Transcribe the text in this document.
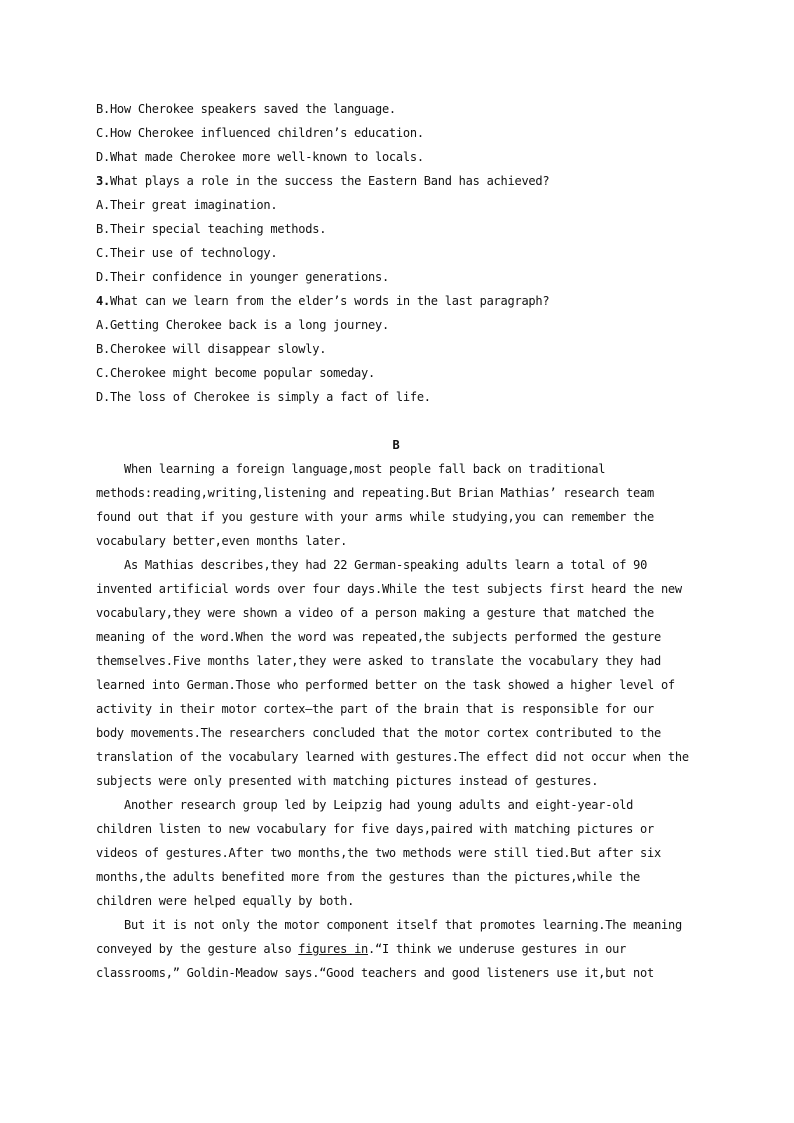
B.How Cherokee speakers saved the language.
C.How Cherokee influenced children’s education.
D.What made Cherokee more well-known to locals.
3.What plays a role in the success the Eastern Band has achieved?
A.Their great imagination.
B.Their special teaching methods.
C.Their use of technology.
D.Their confidence in younger generations.
4.What can we learn from the elder’s words in the last paragraph?
A.Getting Cherokee back is a long journey.
B.Cherokee will disappear slowly.
C.Cherokee might become popular someday.
D.The loss of Cherokee is simply a fact of life.
B
When learning a foreign language,most people fall back on traditional
methods:reading,writing,listening and repeating.But Brian Mathias’ research team
found out that if you gesture with your arms while studying,you can remember the
vocabulary better,even months later.
As Mathias describes,they had 22 German-speaking adults learn a total of 90
invented artificial words over four days.While the test subjects first heard the new
vocabulary,they were shown a video of a person making a gesture that matched the
meaning of the word.When the word was repeated,the subjects performed the gesture
themselves.Five months later,they were asked to translate the vocabulary they had
learned into German.Those who performed better on the task showed a higher level of
activity in their motor cortex—the part of the brain that is responsible for our
body movements.The researchers concluded that the motor cortex contributed to the
translation of the vocabulary learned with gestures.The effect did not occur when the
subjects were only presented with matching pictures instead of gestures.
Another research group led by Leipzig had young adults and eight-year-old
children listen to new vocabulary for five days,paired with matching pictures or
videos of gestures.After two months,the two methods were still tied.But after six
months,the adults benefited more from the gestures than the pictures,while the
children were helped equally by both.
But it is not only the motor component itself that promotes learning.The meaning
conveyed by the gesture also figures in.“I think we underuse gestures in our
classrooms,” Goldin-Meadow says.“Good teachers and good listeners use it,but not
